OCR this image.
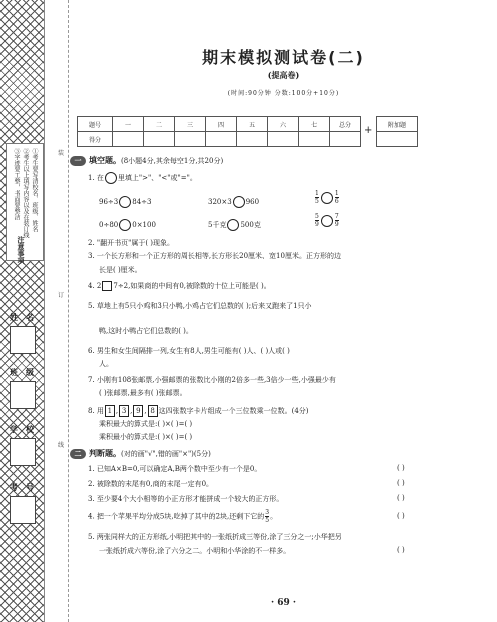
①考生要写清校名、班级、姓名
②考生以上填写内容以及在装订线
③字迹要工整，书面要整洁
注意事项
姓名
班级
学校
考号
装
订
线
期末模拟测试卷(二)
(提高卷)
(时间:90分钟 分数:100分+10分)
题号	一	二	三	四	五	六	七	总分
得分								
+	附加题

一 填空题。(8小题4分,其余每空1分,共20分)
1. 在 里填上">"、"<"或"="。
96÷3 84÷3	320×3 960	$\frac{1}{5}$	$\frac{1}{6}$
0÷80 0×100	5千克 500克	$\frac{5}{9}$	$\frac{7}{9}$
2. "翻开书页"属于( )现象。
3. 一个长方形和一个正方形的周长相等,长方形长20厘米、宽10厘米。正方形的边
长是( )厘米。
4. 2 7÷2,如果商的中间有0,被除数的十位上可能是( )。
5. 草地上有5只小鸡和3只小鸭,小鸡占它们总数的( );后来又跑来了1只小
鸭,这时小鸭占它们总数的( )。
6. 男生和女生间隔排一列,女生有8人,男生可能有( )人、( )人或( )
人。
7. 小刚有108张邮票,小强邮票的张数比小刚的2倍多一些,3倍少一些,小强最少有
( )张邮票,最多有( )张邮票。
8. 用 1 , 3 , 9 , 8 这四张数字卡片组成一个三位数乘一位数。(4分)
乘积最大的算式是:( )×( )=( )
乘积最小的算式是:( )×( )=( )
二 判断题。(对的画"√",错的画"×")(5分)
1. 已知A×B=0,可以确定A,B两个数中至少有一个是0。	( )
2. 被除数的末尾有0,商的末尾一定有0。	( )
3. 至少要4个大小相等的小正方形才能拼成一个较大的正方形。	( )
4. 把一个苹果平均分成5块,吃掉了其中的2块,还剩下它的 $\frac{3}{5}$ 。	( )
5. 两张同样大的正方形纸,小明把其中的一张纸折成三等份,涂了三分之一;小华把另
一张纸折成六等份,涂了六分之二。小明和小华涂的不一样多。	( )
· 69 ·
